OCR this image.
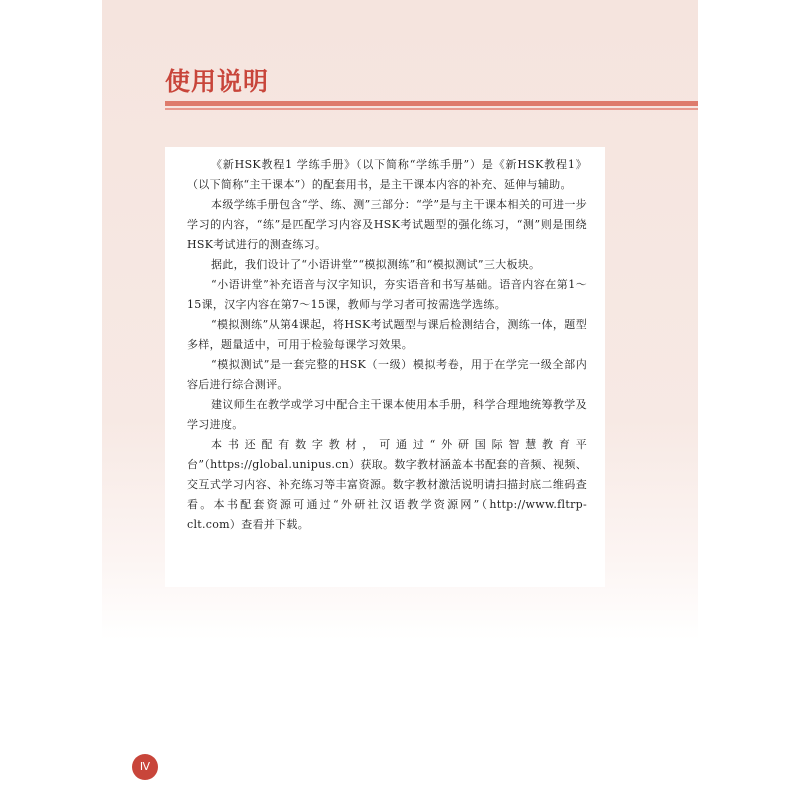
使用说明

《新HSK教程1 学练手册》（以下简称“学练手册”）是《新HSK教程1》（以下简称“主干课本”）的配套用书，是主干课本内容的补充、延伸与辅助。

本级学练手册包含“学、练、测”三部分：“学”是与主干课本相关的可进一步学习的内容，“练”是匹配学习内容及HSK考试题型的强化练习，“测”则是围绕HSK考试进行的测查练习。

据此，我们设计了“小语讲堂”“模拟测练”和“模拟测试”三大板块。

“小语讲堂”补充语音与汉字知识，夯实语音和书写基础。语音内容在第1～15课，汉字内容在第7～15课，教师与学习者可按需选学选练。

“模拟测练”从第4课起，将HSK考试题型与课后检测结合，测练一体，题型多样，题量适中，可用于检验每课学习效果。

“模拟测试”是一套完整的HSK（一级）模拟考卷，用于在学完一级全部内容后进行综合测评。

建议师生在教学或学习中配合主干课本使用本手册，科学合理地统筹教学及学习进度。

本书还配有数字教材，可通过“外研国际智慧教育平台”（https://global.unipus.cn）获取。数字教材涵盖本书配套的音频、视频、交互式学习内容、补充练习等丰富资源。数字教材激活说明请扫描封底二维码查看。本书配套资源可通过“外研社汉语教学资源网”（http://www.fltrp-clt.com）查看并下载。

Ⅳ
